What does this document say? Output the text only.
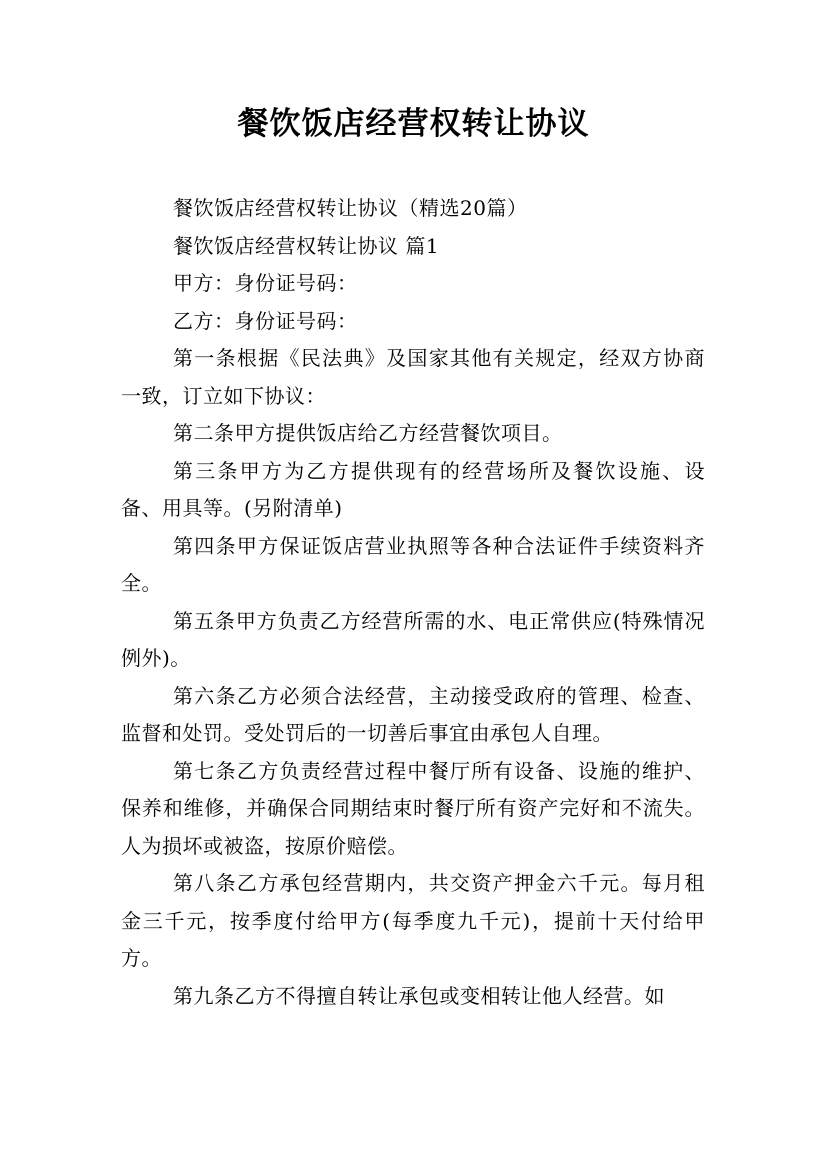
餐饮饭店经营权转让协议

餐饮饭店经营权转让协议（精选20篇）

餐饮饭店经营权转让协议 篇1

甲方：身份证号码：

乙方：身份证号码：

第一条根据《民法典》及国家其他有关规定，经双方协商一致，订立如下协议：

第二条甲方提供饭店给乙方经营餐饮项目。

第三条甲方为乙方提供现有的经营场所及餐饮设施、设备、用具等。(另附清单)

第四条甲方保证饭店营业执照等各种合法证件手续资料齐全。

第五条甲方负责乙方经营所需的水、电正常供应(特殊情况例外)。

第六条乙方必须合法经营，主动接受政府的管理、检查、监督和处罚。受处罚后的一切善后事宜由承包人自理。

第七条乙方负责经营过程中餐厅所有设备、设施的维护、保养和维修，并确保合同期结束时餐厅所有资产完好和不流失。人为损坏或被盗，按原价赔偿。

第八条乙方承包经营期内，共交资产押金六千元。每月租金三千元，按季度付给甲方(每季度九千元)，提前十天付给甲方。

第九条乙方不得擅自转让承包或变相转让他人经营。如
